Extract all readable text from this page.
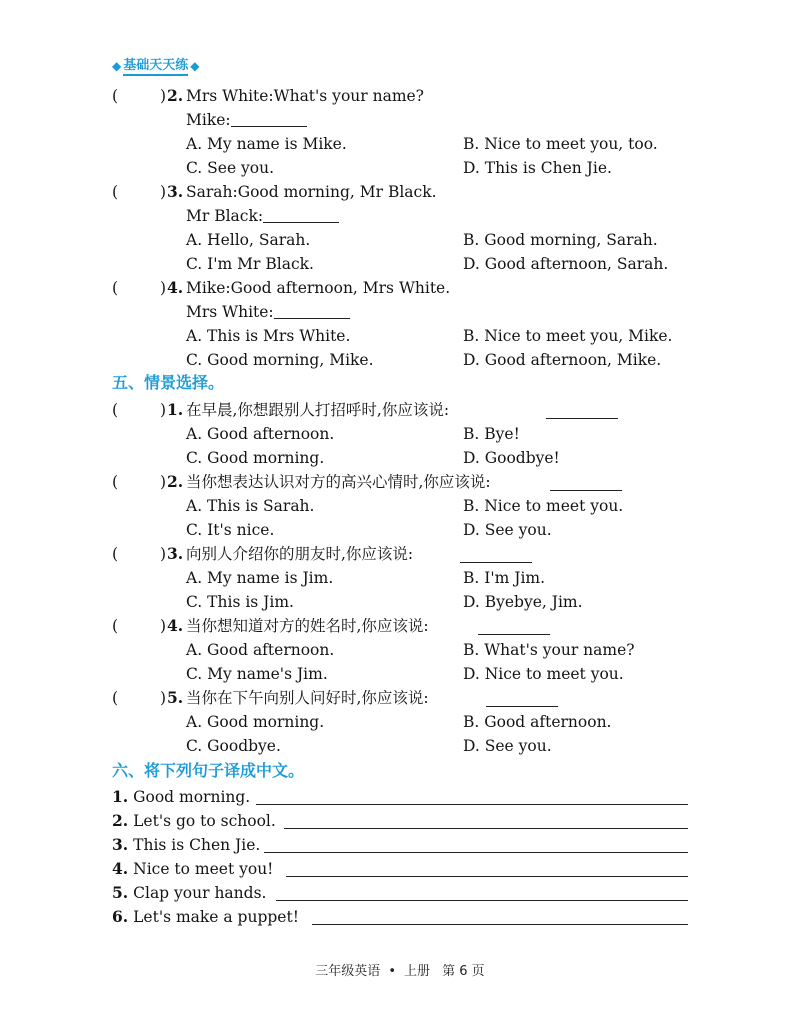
◆ 基础天天练 ◆
(	) 2. Mrs White:What's your name?
Mike:
A. My name is Mike.	B. Nice to meet you, too.
C. See you.	D. This is Chen Jie.
(	) 3. Sarah:Good morning, Mr Black.
Mr Black:
A. Hello, Sarah.	B. Good morning, Sarah.
C. I'm Mr Black.	D. Good afternoon, Sarah.
(	) 4. Mike:Good afternoon, Mrs White.
Mrs White:
A. This is Mrs White.	B. Nice to meet you, Mike.
C. Good morning, Mike.	D. Good afternoon, Mike.
五、情景选择。
(	) 1. 在早晨,你想跟别人打招呼时,你应该说:
A. Good afternoon.	B. Bye!
C. Good morning.	D. Goodbye!
(	) 2. 当你想表达认识对方的高兴心情时,你应该说:
A. This is Sarah.	B. Nice to meet you.
C. It's nice.	D. See you.
(	) 3. 向别人介绍你的朋友时,你应该说:
A. My name is Jim.	B. I'm Jim.
C. This is Jim.	D. Byebye, Jim.
(	) 4. 当你想知道对方的姓名时,你应该说:
A. Good afternoon.	B. What's your name?
C. My name's Jim.	D. Nice to meet you.
(	) 5. 当你在下午向别人问好时,你应该说:
A. Good morning.	B. Good afternoon.
C. Goodbye.	D. See you.
六、将下列句子译成中文。
1. Good morning.
2. Let's go to school.
3. This is Chen Jie.
4. Nice to meet you!
5. Clap your hands.
6. Let's make a puppet!
三年级英语 • 上册 第 6 页
